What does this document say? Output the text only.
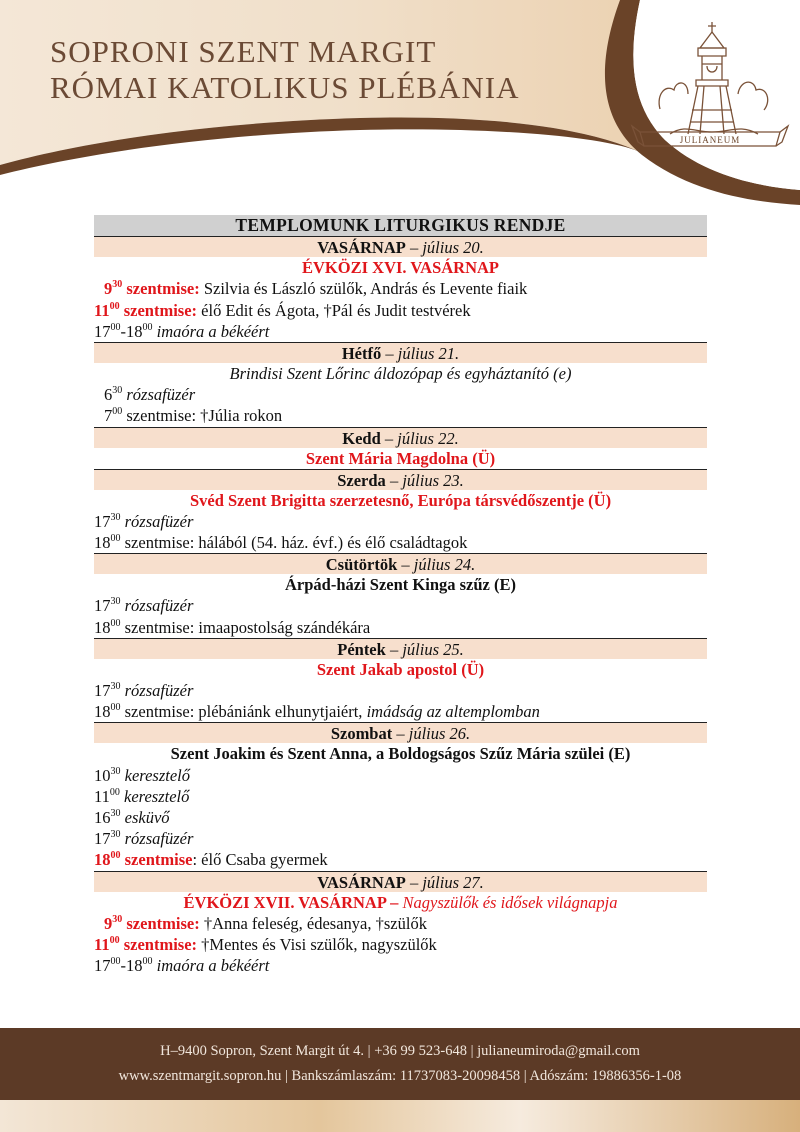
SOPRONI SZENT MARGIT
RÓMAI KATOLIKUS PLÉBÁNIA
JULIANEUM
TEMPLOMUNK LITURGIKUS RENDJE
VASÁRNAP – július 20.
ÉVKÖZI XVI. VASÁRNAP
$9^{30}$ szentmise: Szilvia és László szülők, András és Levente fiaik
$11^{00}$ szentmise: élő Edit és Ágota, †Pál és Judit testvérek
$17^{00}-18^{00}$ imaóra a békéért
Hétfő – július 21.
Brindisi Szent Lőrinc áldozópap és egyháztanító (e)
$6^{30}$ rózsafüzér
$7^{00}$ szentmise: †Júlia rokon
Kedd – július 22.
Szent Mária Magdolna (Ü)
Szerda – július 23.
Svéd Szent Brigitta szerzetesnő, Európa társvédőszentje (Ü)
$17^{30}$ rózsafüzér
$18^{00}$ szentmise: hálából (54. ház. évf.) és élő családtagok
Csütörtök – július 24.
Árpád-házi Szent Kinga szűz (E)
$17^{30}$ rózsafüzér
$18^{00}$ szentmise: imaapostolság szándékára
Péntek – július 25.
Szent Jakab apostol (Ü)
$17^{30}$ rózsafüzér
$18^{00}$ szentmise: plébániánk elhunytjaiért, imádság az altemplomban
Szombat – július 26.
Szent Joakim és Szent Anna, a Boldogságos Szűz Mária szülei (E)
$10^{30}$ keresztelő
$11^{00}$ keresztelő
$16^{30}$ esküvő
$17^{30}$ rózsafüzér
$18^{00}$ szentmise: élő Csaba gyermek
VASÁRNAP – július 27.
ÉVKÖZI XVII. VASÁRNAP – Nagyszülők és idősek világnapja
$9^{30}$ szentmise: †Anna feleség, édesanya, †szülők
$11^{00}$ szentmise: †Mentes és Visi szülők, nagyszülők
$17^{00}-18^{00}$ imaóra a békéért
H–9400 Sopron, Szent Margit út 4. | +36 99 523-648 | julianeumiroda@gmail.com
www.szentmargit.sopron.hu | Bankszámlaszám: 11737083-20098458 | Adószám: 19886356-1-08
